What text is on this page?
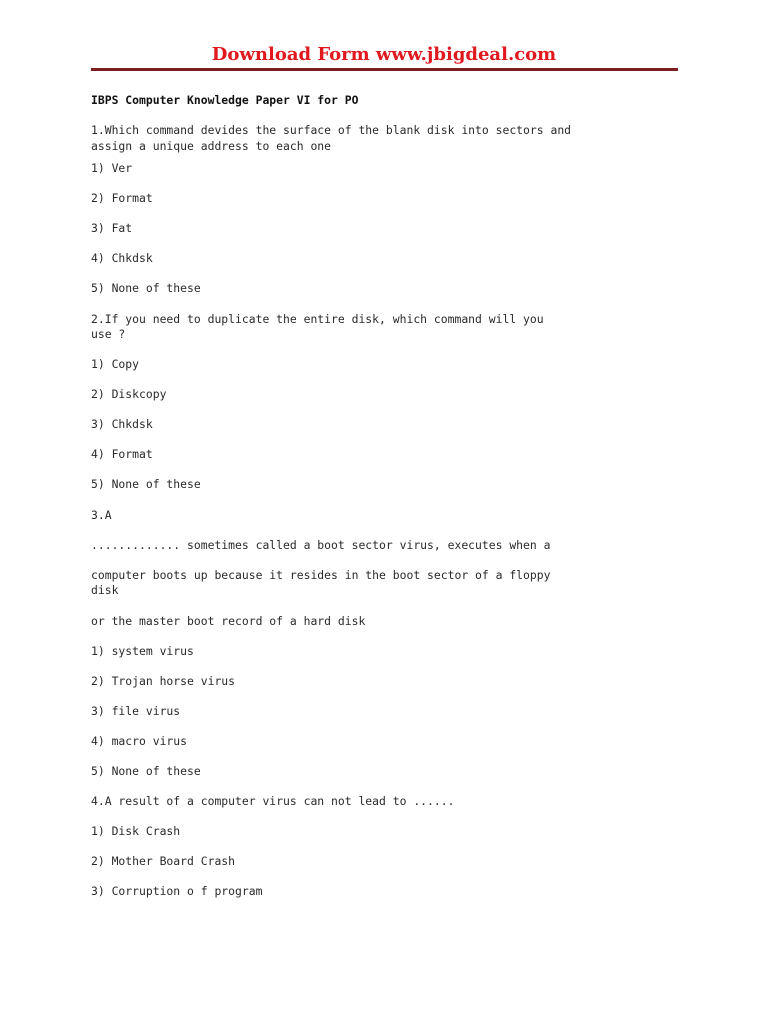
Download Form www.jbigdeal.com
IBPS Computer Knowledge Paper VI for PO
1.Which command devides the surface of the blank disk into sectors and
assign a unique address to each one
1) Ver
2) Format
3) Fat
4) Chkdsk
5) None of these
2.If you need to duplicate the entire disk, which command will you
use ?
1) Copy
2) Diskcopy
3) Chkdsk
4) Format
5) None of these
3.A
............. sometimes called a boot sector virus, executes when a
computer boots up because it resides in the boot sector of a floppy
disk
or the master boot record of a hard disk
1) system virus
2) Trojan horse virus
3) file virus
4) macro virus
5) None of these
4.A result of a computer virus can not lead to ......
1) Disk Crash
2) Mother Board Crash
3) Corruption o f program
